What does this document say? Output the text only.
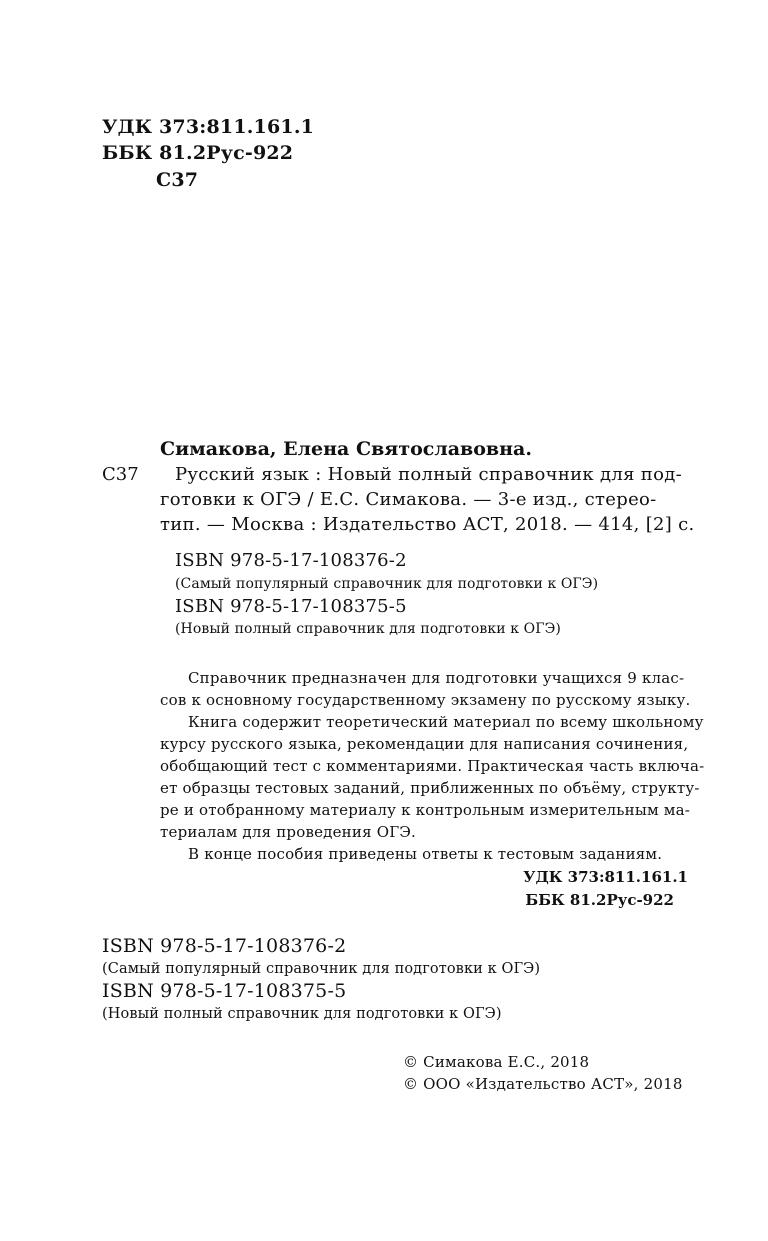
УДК 373:811.161.1
ББК 81.2Рус-922
С37
Симакова, Елена Святославовна.
С37 Русский язык : Новый полный справочник для под-
готовки к ОГЭ / Е.С. Симакова. — 3-е изд., стерео-
тип. — Москва : Издательство АСТ, 2018. — 414, [2] с.
ISBN 978-5-17-108376-2
(Самый популярный справочник для подготовки к ОГЭ)
ISBN 978-5-17-108375-5
(Новый полный справочник для подготовки к ОГЭ)
Справочник предназначен для подготовки учащихся 9 клас-
сов к основному государственному экзамену по русскому языку.
Книга содержит теоретический материал по всему школьному
курсу русского языка, рекомендации для написания сочинения,
обобщающий тест с комментариями. Практическая часть включа-
ет образцы тестовых заданий, приближенных по объёму, структу-
ре и отобранному материалу к контрольным измерительным ма-
териалам для проведения ОГЭ.
В конце пособия приведены ответы к тестовым заданиям.
УДК 373:811.161.1
ББК 81.2Рус-922
ISBN 978-5-17-108376-2
(Самый популярный справочник для подготовки к ОГЭ)
ISBN 978-5-17-108375-5
(Новый полный справочник для подготовки к ОГЭ)
© Симакова Е.С., 2018
© ООО «Издательство АСТ», 2018
